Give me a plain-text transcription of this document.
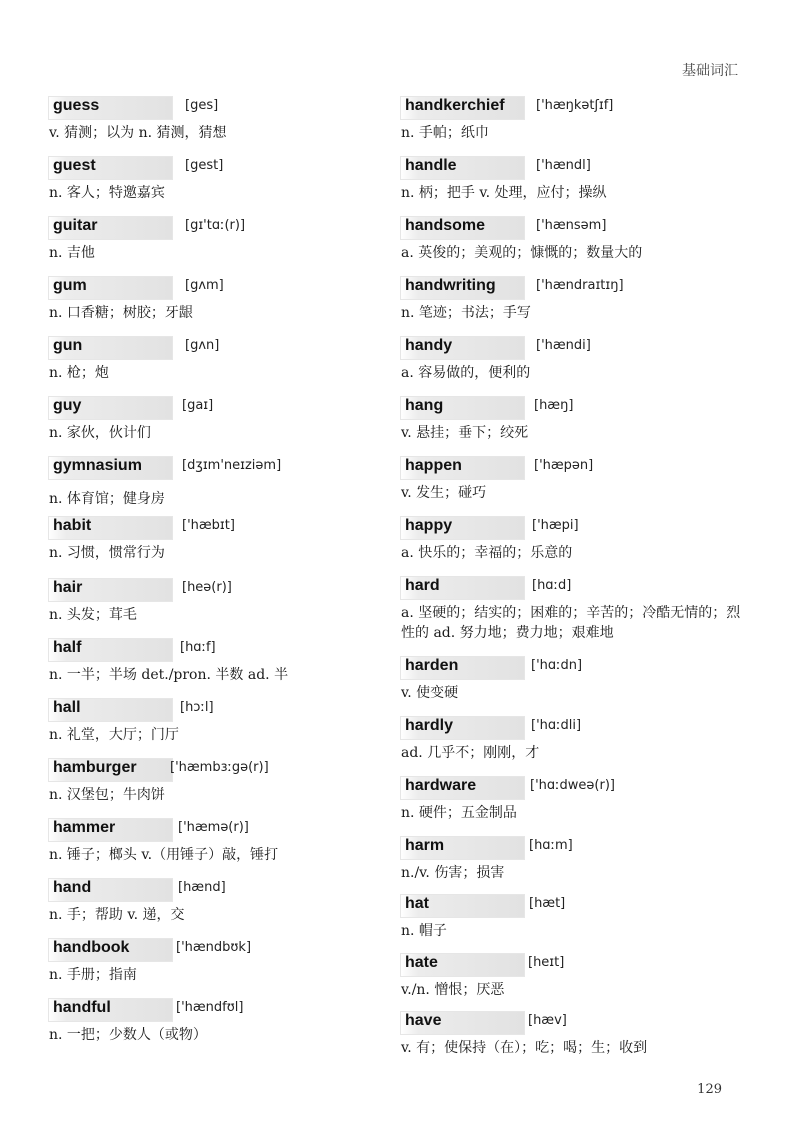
基础词汇
guess	[ges]
v. 猜测；以为 n. 猜测，猜想
guest	[gest]
n. 客人；特邀嘉宾
guitar	[gɪ'tɑː(r)]
n. 吉他
gum	[gʌm]
n. 口香糖；树胶；牙龈
gun	[gʌn]
n. 枪；炮
guy	[gaɪ]
n. 家伙，伙计们
gymnasium	[dʒɪm'neɪziəm]
n. 体育馆；健身房
habit	['hæbɪt]
n. 习惯，惯常行为
hair	[heə(r)]
n. 头发；茸毛
half	[hɑːf]
n. 一半；半场 det./pron. 半数 ad. 半
hall	[hɔːl]
n. 礼堂，大厅；门厅
hamburger	['hæmbɜːgə(r)]
n. 汉堡包；牛肉饼
hammer	['hæmə(r)]
n. 锤子；榔头 v.（用锤子）敲，锤打
hand	[hænd]
n. 手；帮助 v. 递，交
handbook	['hændbʊk]
n. 手册；指南
handful	['hændfʊl]
n. 一把；少数人（或物）
handkerchief ['hæŋkətʃɪf]
n. 手帕；纸巾
handle	['hændl]
n. 柄；把手 v. 处理，应付；操纵
handsome	['hænsəm]
a. 英俊的；美观的；慷慨的；数量大的
handwriting	['hændraɪtɪŋ]
n. 笔迹；书法；手写
handy	['hændi]
a. 容易做的，便利的
hang	[hæŋ]
v. 悬挂；垂下；绞死
happen	['hæpən]
v. 发生；碰巧
happy	['hæpi]
a. 快乐的；幸福的；乐意的
hard	[hɑːd]
a. 坚硬的；结实的；困难的；辛苦的；冷酷无情的；烈性的 ad. 努力地；费力地；艰难地
harden	['hɑːdn]
v. 使变硬
hardly	['hɑːdli]
ad. 几乎不；刚刚，才
hardware	['hɑːdweə(r)]
n. 硬件；五金制品
harm	[hɑːm]
n./v. 伤害；损害
hat	[hæt]
n. 帽子
hate	[heɪt]
v./n. 憎恨；厌恶
have	[hæv]
v. 有；使保持（在）；吃；喝；生；收到
129
